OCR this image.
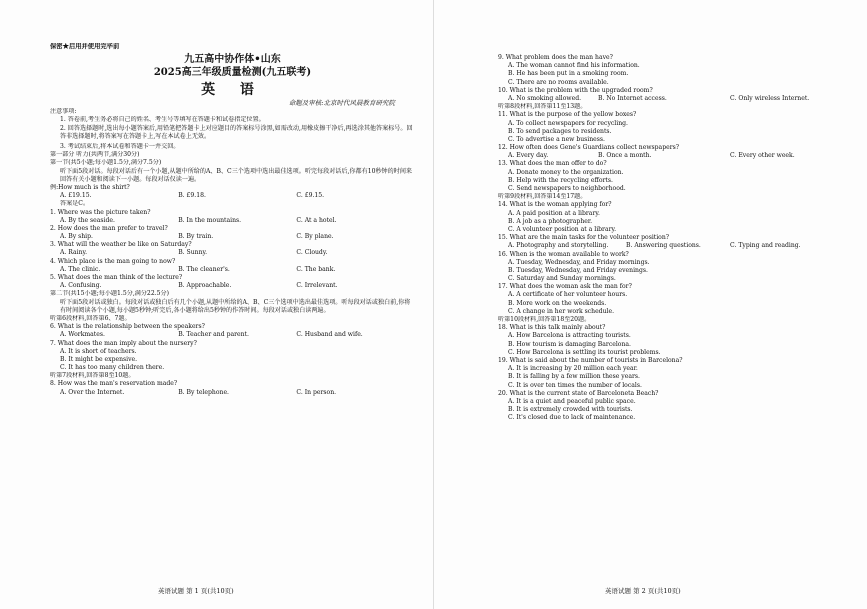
保密★启用并使用完毕前
九五高中协作体•山东
2025高三年级质量检测(九五联考)
英 语
命题及审核:北京时代风晨教育研究院
注意事项:
1. 答卷前,考生务必将自己的姓名、考生号等填写在答题卡和试卷指定位置。
2. 回答选择题时,选出每小题答案后,用铅笔把答题卡上对应题目的答案标号涂黑,如需改动,用橡皮擦干净后,再选涂其他答案标号。回答非选择题时,将答案写在答题卡上,写在本试卷上无效。
3. 考试结束后,将本试卷和答题卡一并交回。
第一部分 听力(共两节,满分30分)
第一节(共5小题;每小题1.5分,满分7.5分)
听下面5段对话。每段对话后有一个小题,从题中所给的A、B、C三个选项中选出最佳选项。听完每段对话后,你都有10秒钟的时间来回答有关小题和阅读下一小题。每段对话仅读一遍。
例:How much is the shirt?
A. £19.15.	B. £9.18.	C. £9.15.
答案是C。
1. Where was the picture taken?
A. By the seaside.	B. In the mountains.	C. At a hotel.
2. How does the man prefer to travel?
A. By ship.	B. By train.	C. By plane.
3. What will the weather be like on Saturday?
A. Rainy.	B. Sunny.	C. Cloudy.
4. Which place is the man going to now?
A. The clinic.	B. The cleaner's.	C. The bank.
5. What does the man think of the lecture?
A. Confusing.	B. Approachable.	C. Irrelevant.
第二节(共15小题;每小题1.5分,满分22.5分)
听下面5段对话或独白。每段对话或独白后有几个小题,从题中所给的A、B、C三个选项中选出最佳选项。听每段对话或独白前,你将有时间阅读各个小题,每小题5秒钟;听完后,各小题将给出5秒钟的作答时间。每段对话或独白读两遍。
听第6段材料,回答第6、7题。
6. What is the relationship between the speakers?
A. Workmates.	B. Teacher and parent.	C. Husband and wife.
7. What does the man imply about the nursery?
A. It is short of teachers.
B. It might be expensive.
C. It has too many children there.
听第7段材料,回答第8至10题。
8. How was the man's reservation made?
A. Over the Internet.	B. By telephone.	C. In person.
英语试题 第 1 页(共10页)
9. What problem does the man have?
A. The woman cannot find his information.
B. He has been put in a smoking room.
C. There are no rooms available.
10. What is the problem with the upgraded room?
A. No smoking allowed.	B. No Internet access.	C. Only wireless Internet.
听第8段材料,回答第11至13题。
11. What is the purpose of the yellow boxes?
A. To collect newspapers for recycling.
B. To send packages to residents.
C. To advertise a new business.
12. How often does Gene's Guardians collect newspapers?
A. Every day.	B. Once a month.	C. Every other week.
13. What does the man offer to do?
A. Donate money to the organization.
B. Help with the recycling efforts.
C. Send newspapers to neighborhood.
听第9段材料,回答第14至17题。
14. What is the woman applying for?
A. A paid position at a library.
B. A job as a photographer.
C. A volunteer position at a library.
15. What are the main tasks for the volunteer position?
A. Photography and storytelling.	B. Answering questions.	C. Typing and reading.
16. When is the woman available to work?
A. Tuesday, Wednesday, and Friday mornings.
B. Tuesday, Wednesday, and Friday evenings.
C. Saturday and Sunday mornings.
17. What does the woman ask the man for?
A. A certificate of her volunteer hours.
B. More work on the weekends.
C. A change in her work schedule.
听第10段材料,回答第18至20题。
18. What is this talk mainly about?
A. How Barcelona is attracting tourists.
B. How tourism is damaging Barcelona.
C. How Barcelona is settling its tourist problems.
19. What is said about the number of tourists in Barcelona?
A. It is increasing by 20 million each year.
B. It is falling by a few million these years.
C. It is over ten times the number of locals.
20. What is the current state of Barceloneta Beach?
A. It is a quiet and peaceful public space.
B. It is extremely crowded with tourists.
C. It's closed due to lack of maintenance.
英语试题 第 2 页(共10页)
